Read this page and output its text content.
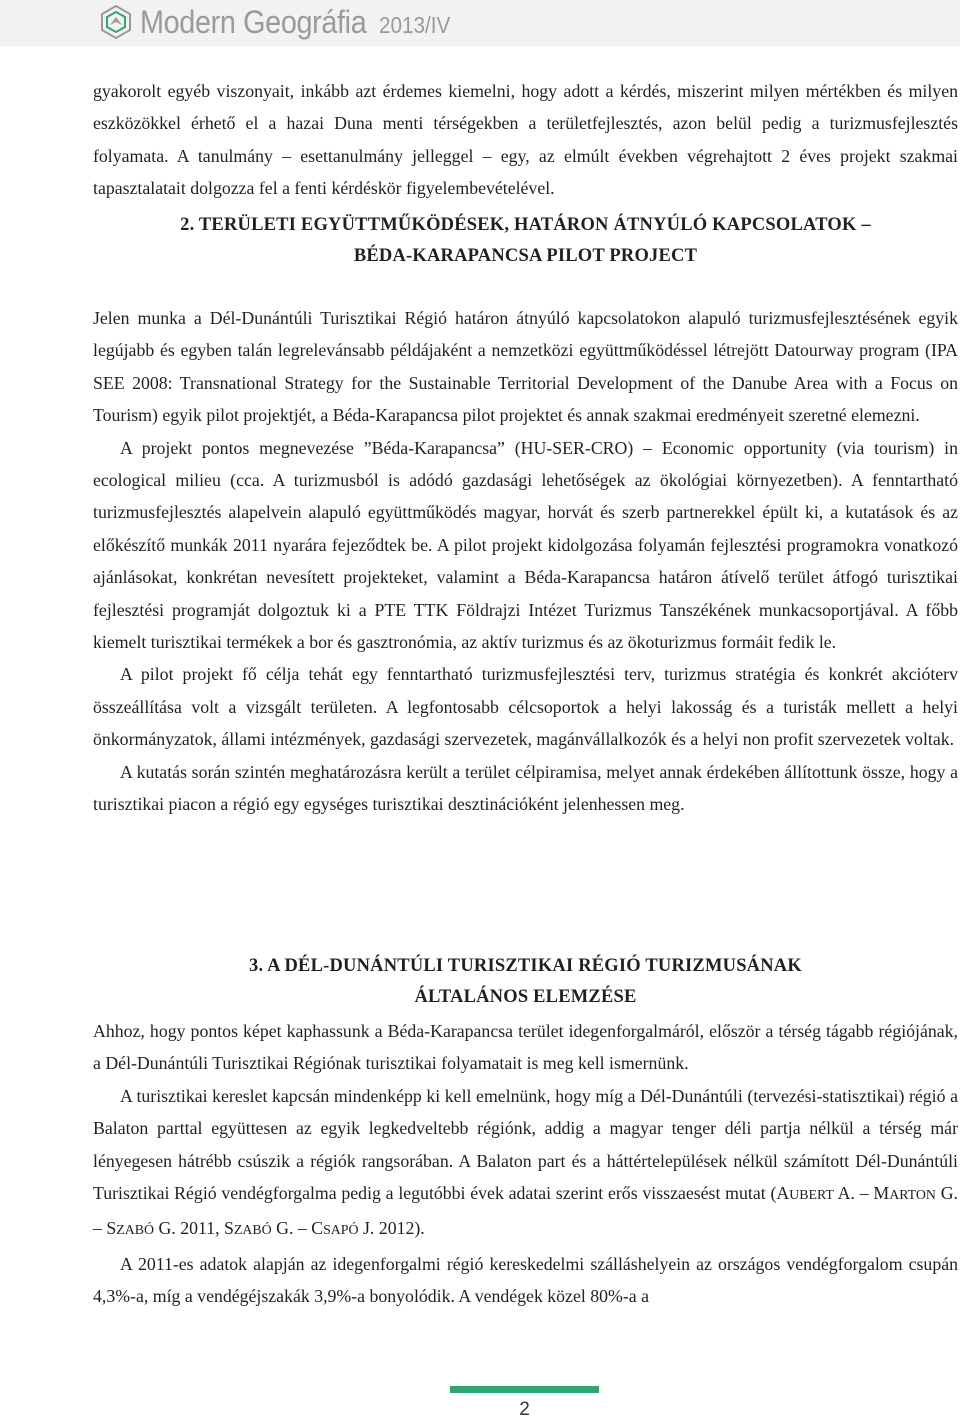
Modern Geográfia 2013/IV

gyakorolt egyéb viszonyait, inkább azt érdemes kiemelni, hogy adott a kérdés, miszerint milyen mértékben és milyen eszközökkel érhető el a hazai Duna menti térségekben a területfejlesztés, azon belül pedig a turizmusfejlesztés folyamata. A tanulmány – esettanulmány jelleggel – egy, az elmúlt években végrehajtott 2 éves projekt szakmai tapasztalatait dolgozza fel a fenti kérdéskör figyelembevételével.

2. TERÜLETI EGYÜTTMŰKÖDÉSEK, HATÁRON ÁTNYÚLÓ KAPCSOLATOK –
BÉDA-KARAPANCSA PILOT PROJECT

Jelen munka a Dél-Dunántúli Turisztikai Régió határon átnyúló kapcsolatokon alapuló turizmusfejlesztésének egyik legújabb és egyben talán legrelevánsabb példájaként a nemzetközi együttműködéssel létrejött Datourway program (IPA SEE 2008: Transnational Strategy for the Sustainable Territorial Development of the Danube Area with a Focus on Tourism) egyik pilot projektjét, a Béda-Karapancsa pilot projektet és annak szakmai eredményeit szeretné elemezni.

A projekt pontos megnevezése ”Béda-Karapancsa” (HU-SER-CRO) – Economic opportunity (via tourism) in ecological milieu (cca. A turizmusból is adódó gazdasági lehetőségek az ökológiai környezetben). A fenntartható turizmusfejlesztés alapelvein alapuló együttműködés magyar, horvát és szerb partnerekkel épült ki, a kutatások és az előkészítő munkák 2011 nyarára fejeződtek be. A pilot projekt kidolgozása folyamán fejlesztési programokra vonatkozó ajánlásokat, konkrétan nevesített projekteket, valamint a Béda-Karapancsa határon átívelő terület átfogó turisztikai fejlesztési programját dolgoztuk ki a PTE TTK Földrajzi Intézet Turizmus Tanszékének munkacsoportjával. A főbb kiemelt turisztikai termékek a bor és gasztronómia, az aktív turizmus és az ökoturizmus formáit fedik le.

A pilot projekt fő célja tehát egy fenntartható turizmusfejlesztési terv, turizmus stratégia és konkrét akcióterv összeállítása volt a vizsgált területen. A legfontosabb célcsoportok a helyi lakosság és a turisták mellett a helyi önkormányzatok, állami intézmények, gazdasági szervezetek, magánvállalkozók és a helyi non profit szervezetek voltak.

A kutatás során szintén meghatározásra került a terület célpiramisa, melyet annak érdekében állítottunk össze, hogy a turisztikai piacon a régió egy egységes turisztikai desztinációként jelenhessen meg.

3. A DÉL-DUNÁNTÚLI TURISZTIKAI RÉGIÓ TURIZMUSÁNAK
ÁLTALÁNOS ELEMZÉSE

Ahhoz, hogy pontos képet kaphassunk a Béda-Karapancsa terület idegenforgalmáról, először a térség tágabb régiójának, a Dél-Dunántúli Turisztikai Régiónak turisztikai folyamatait is meg kell ismernünk.

A turisztikai kereslet kapcsán mindenképp ki kell emelnünk, hogy míg a Dél-Dunántúli (tervezési-statisztikai) régió a Balaton parttal együttesen az egyik legkedveltebb régiónk, addig a magyar tenger déli partja nélkül a térség már lényegesen hátrébb csúszik a régiók rangsorában. A Balaton part és a háttértelepülések nélkül számított Dél-Dunántúli Turisztikai Régió vendégforgalma pedig a legutóbbi évek adatai szerint erős visszaesést mutat (AUBERT A. – MARTON G. – SZABÓ G. 2011, SZABÓ G. – CSAPÓ J. 2012).

A 2011-es adatok alapján az idegenforgalmi régió kereskedelmi szálláshelyein az országos vendégforgalom csupán 4,3%-a, míg a vendégéjszakák 3,9%-a bonyolódik. A vendégek közel 80%-a a

2
